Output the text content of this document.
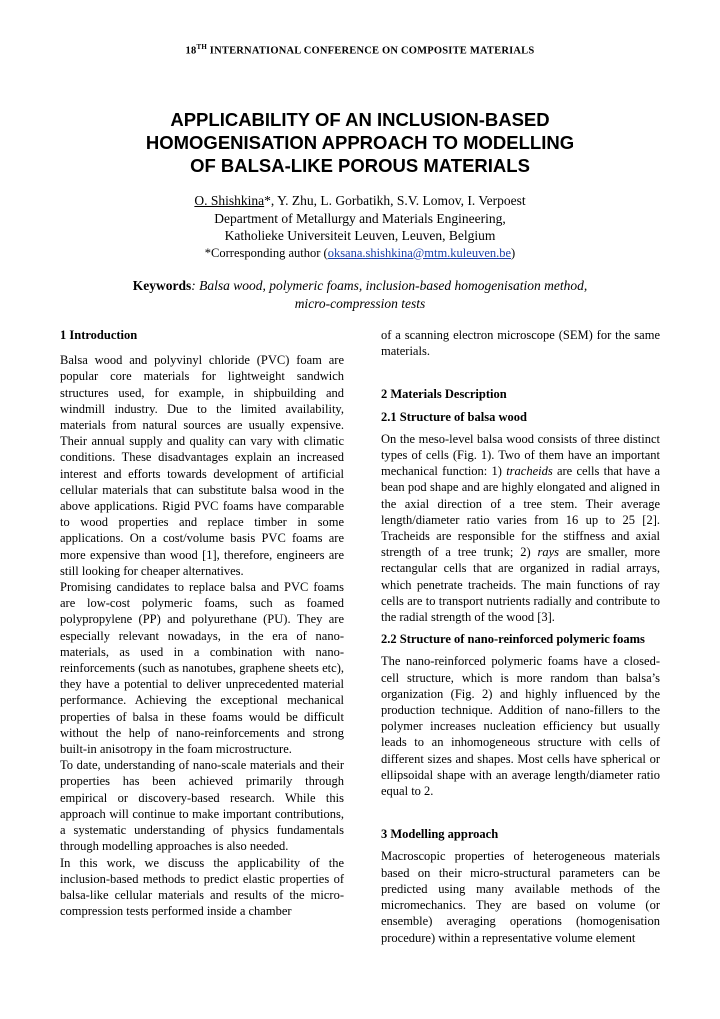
18TH INTERNATIONAL CONFERENCE ON COMPOSITE MATERIALS
APPLICABILITY OF AN INCLUSION-BASED
HOMOGENISATION APPROACH TO MODELLING
OF BALSA-LIKE POROUS MATERIALS
O. Shishkina*, Y. Zhu, L. Gorbatikh, S.V. Lomov, I. Verpoest
Department of Metallurgy and Materials Engineering,
Katholieke Universiteit Leuven, Leuven, Belgium
*Corresponding author (oksana.shishkina@mtm.kuleuven.be)
Keywords: Balsa wood, polymeric foams, inclusion-based homogenisation method,
micro-compression tests

1 Introduction

Balsa wood and polyvinyl chloride (PVC) foam are popular core materials for lightweight sandwich structures used, for example, in shipbuilding and windmill industry. Due to the limited availability, materials from natural sources are usually expensive. Their annual supply and quality can vary with climatic conditions. These disadvantages explain an increased interest and efforts towards development of artificial cellular materials that can substitute balsa wood in the above applications. Rigid PVC foams have comparable to wood properties and replace timber in some applications. On a cost/volume basis PVC foams are more expensive than wood [1], therefore, engineers are still looking for cheaper alternatives.

Promising candidates to replace balsa and PVC foams are low-cost polymeric foams, such as foamed polypropylene (PP) and polyurethane (PU). They are especially relevant nowadays, in the era of nano-materials, as used in a combination with nano-reinforcements (such as nanotubes, graphene sheets etc), they have a potential to deliver unprecedented material performance. Achieving the exceptional mechanical properties of balsa in these foams would be difficult without the help of nano-reinforcements and strong built-in anisotropy in the foam microstructure.

To date, understanding of nano-scale materials and their properties has been achieved primarily through empirical or discovery-based research. While this approach will continue to make important contributions, a systematic understanding of physics fundamentals through modelling approaches is also needed.

In this work, we discuss the applicability of the inclusion-based methods to predict elastic properties of balsa-like cellular materials and results of the micro-compression tests performed inside a chamber

of a scanning electron microscope (SEM) for the same materials.

2 Materials Description

2.1 Structure of balsa wood

On the meso-level balsa wood consists of three distinct types of cells (Fig. 1). Two of them have an important mechanical function: 1) tracheids are cells that have a bean pod shape and are highly elongated and aligned in the axial direction of a tree stem. Their average length/diameter ratio varies from 16 up to 25 [2]. Tracheids are responsible for the stiffness and axial strength of a tree trunk; 2) rays are smaller, more rectangular cells that are organized in radial arrays, which penetrate tracheids. The main functions of ray cells are to transport nutrients radially and contribute to the radial strength of the wood [3].

2.2 Structure of nano-reinforced polymeric foams

The nano-reinforced polymeric foams have a closed-cell structure, which is more random than balsa’s organization (Fig. 2) and highly influenced by the production technique. Addition of nano-fillers to the polymer increases nucleation efficiency but usually leads to an inhomogeneous structure with cells of different sizes and shapes. Most cells have spherical or ellipsoidal shape with an average length/diameter ratio equal to 2.

3 Modelling approach

Macroscopic properties of heterogeneous materials based on their micro-structural parameters can be predicted using many available methods of the micromechanics. They are based on volume (or ensemble) averaging operations (homogenisation procedure) within a representative volume element
